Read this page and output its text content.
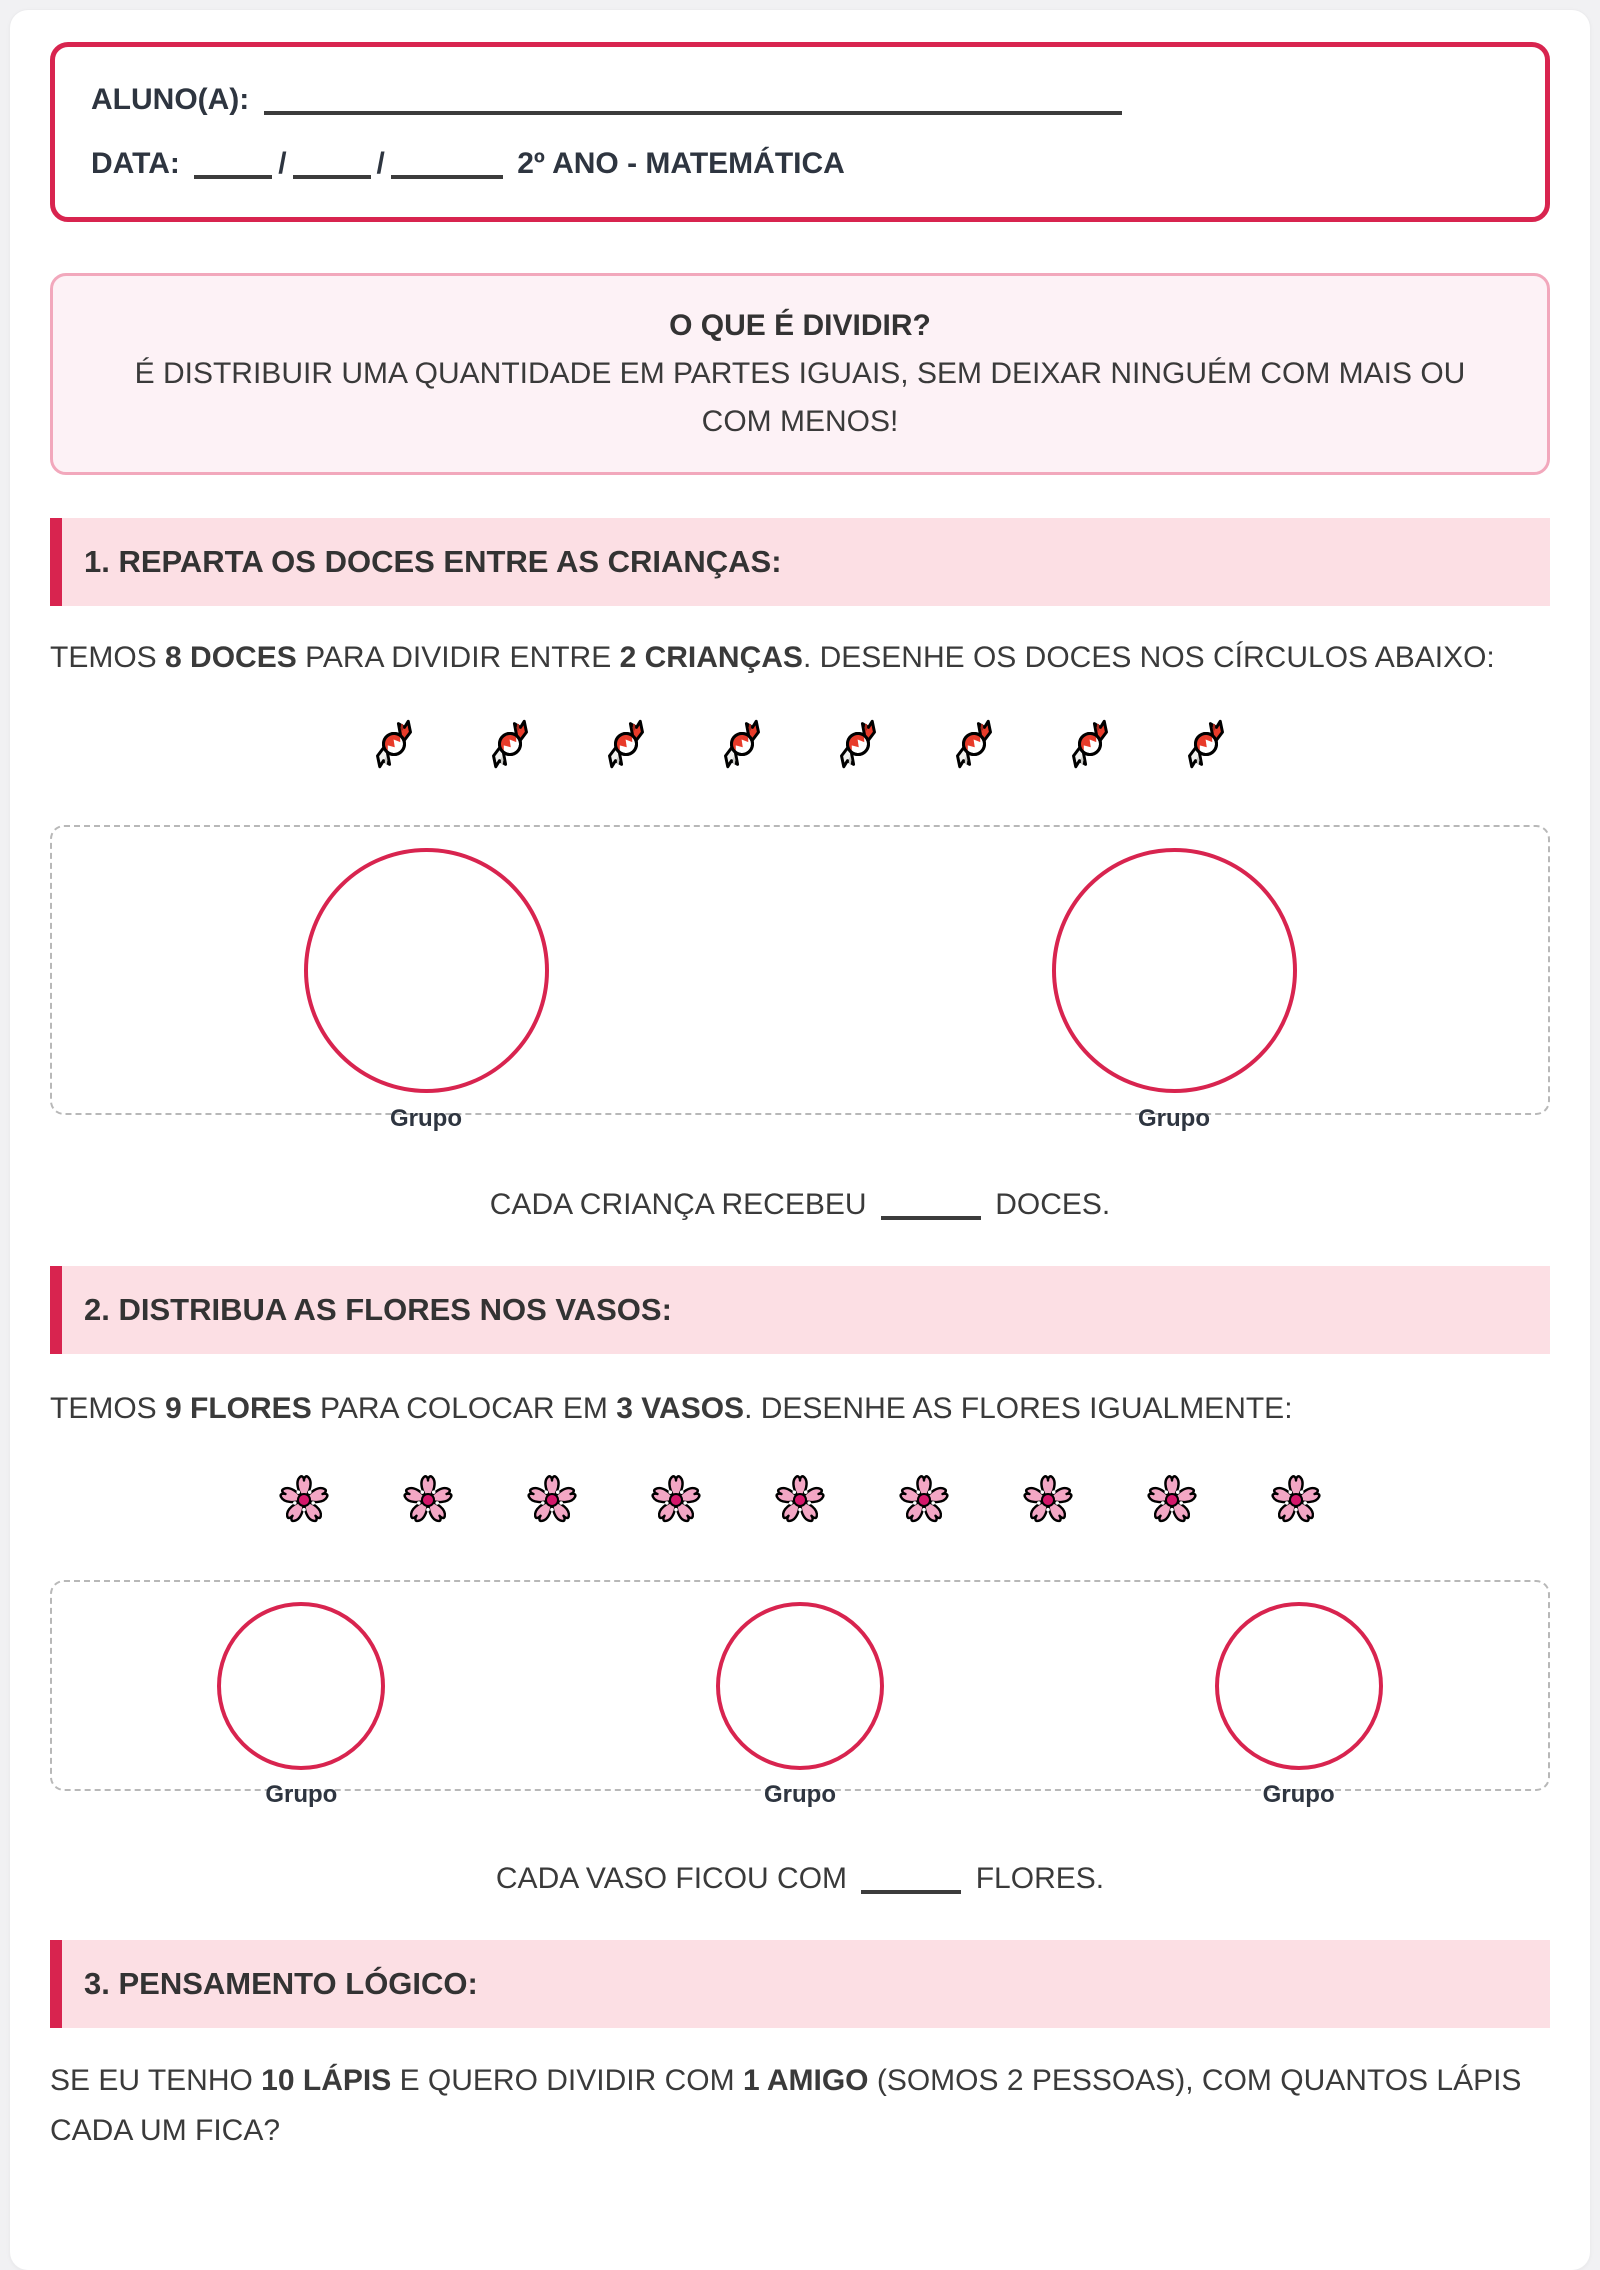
ALUNO(A):
DATA:	/	/	2º ANO - MATEMÁTICA
O QUE É DIVIDIR?
É DISTRIBUIR UMA QUANTIDADE EM PARTES IGUAIS, SEM DEIXAR NINGUÉM COM MAIS OU COM MENOS!
1. REPARTA OS DOCES ENTRE AS CRIANÇAS:

TEMOS 8 DOCES PARA DIVIDIR ENTRE 2 CRIANÇAS. DESENHE OS DOCES NOS CÍRCULOS ABAIXO:

Grupo	Grupo

CADA CRIANÇA RECEBEU	DOCES.

2. DISTRIBUA AS FLORES NOS VASOS:

TEMOS 9 FLORES PARA COLOCAR EM 3 VASOS. DESENHE AS FLORES IGUALMENTE:

Grupo	Grupo	Grupo

CADA VASO FICOU COM	FLORES.

3. PENSAMENTO LÓGICO:

SE EU TENHO 10 LÁPIS E QUERO DIVIDIR COM 1 AMIGO (SOMOS 2 PESSOAS), COM QUANTOS LÁPIS CADA UM FICA?
